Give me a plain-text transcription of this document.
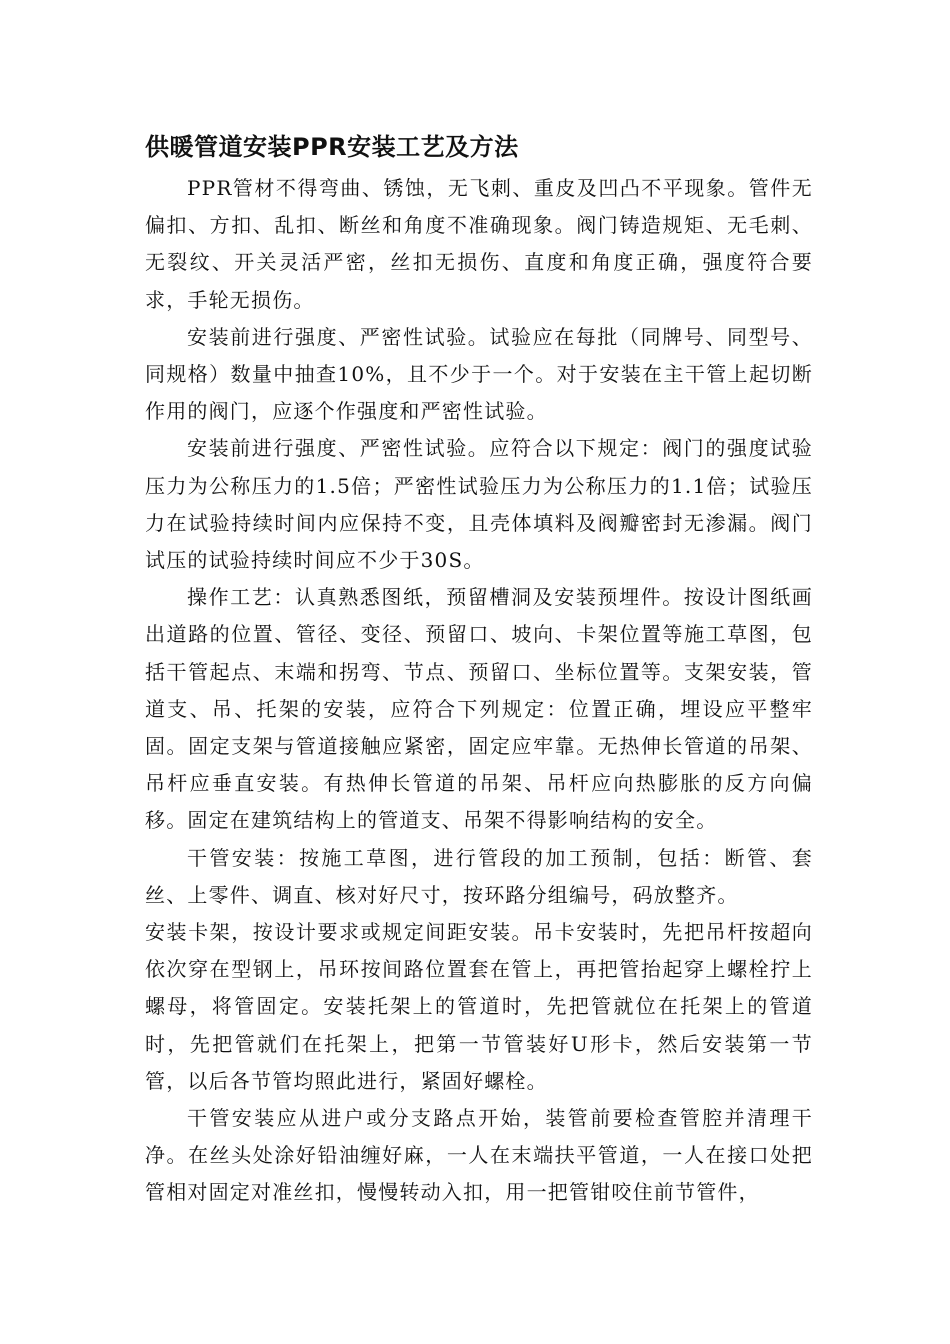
供暖管道安装PPR安装工艺及方法

PPR管材不得弯曲、锈蚀，无飞刺、重皮及凹凸不平现象。管件无偏扣、方扣、乱扣、断丝和角度不准确现象。阀门铸造规矩、无毛刺、无裂纹、开关灵活严密，丝扣无损伤、直度和角度正确，强度符合要求，手轮无损伤。

安装前进行强度、严密性试验。试验应在每批（同牌号、同型号、同规格）数量中抽查10%，且不少于一个。对于安装在主干管上起切断作用的阀门，应逐个作强度和严密性试验。

安装前进行强度、严密性试验。应符合以下规定：阀门的强度试验压力为公称压力的1.5倍；严密性试验压力为公称压力的1.1倍；试验压力在试验持续时间内应保持不变，且壳体填料及阀瓣密封无渗漏。阀门试压的试验持续时间应不少于30S。

操作工艺：认真熟悉图纸，预留槽洞及安装预埋件。按设计图纸画出道路的位置、管径、变径、预留口、坡向、卡架位置等施工草图，包括干管起点、末端和拐弯、节点、预留口、坐标位置等。支架安装，管道支、吊、托架的安装，应符合下列规定：位置正确，埋设应平整牢固。固定支架与管道接触应紧密，固定应牢靠。无热伸长管道的吊架、吊杆应垂直安装。有热伸长管道的吊架、吊杆应向热膨胀的反方向偏移。固定在建筑结构上的管道支、吊架不得影响结构的安全。

干管安装：按施工草图，进行管段的加工预制，包括：断管、套丝、上零件、调直、核对好尺寸，按环路分组编号，码放整齐。

安装卡架，按设计要求或规定间距安装。吊卡安装时，先把吊杆按超向依次穿在型钢上，吊环按间路位置套在管上，再把管抬起穿上螺栓拧上螺母，将管固定。安装托架上的管道时，先把管就位在托架上的管道时，先把管就们在托架上，把第一节管装好U形卡，然后安装第一节管，以后各节管均照此进行，紧固好螺栓。

干管安装应从进户或分支路点开始，装管前要检查管腔并清理干净。在丝头处涂好铅油缠好麻，一人在末端扶平管道，一人在接口处把管相对固定对准丝扣，慢慢转动入扣，用一把管钳咬住前节管件，
